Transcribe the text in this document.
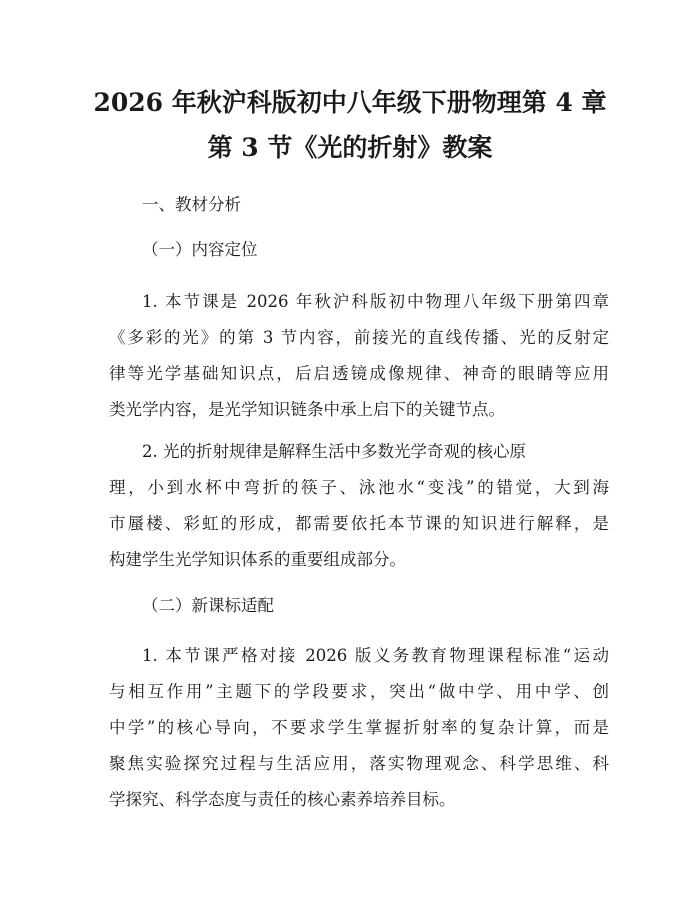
2026 年秋沪科版初中八年级下册物理第 4 章
第 3 节《光的折射》教案
一、教材分析
（一）内容定位
1. 本节课是 2026 年秋沪科版初中物理八年级下册第四章
《多彩的光》的第 3 节内容，前接光的直线传播、光的反射定
律等光学基础知识点，后启透镜成像规律、神奇的眼睛等应用
类光学内容，是光学知识链条中承上启下的关键节点。
2. 光的折射规律是解释生活中多数光学奇观的核心原
理，小到水杯中弯折的筷子、泳池水“变浅”的错觉，大到海
市蜃楼、彩虹的形成，都需要依托本节课的知识进行解释，是
构建学生光学知识体系的重要组成部分。
（二）新课标适配
1. 本节课严格对接 2026 版义务教育物理课程标准“运动
与相互作用”主题下的学段要求，突出“做中学、用中学、创
中学”的核心导向，不要求学生掌握折射率的复杂计算，而是
聚焦实验探究过程与生活应用，落实物理观念、科学思维、科
学探究、科学态度与责任的核心素养培养目标。
